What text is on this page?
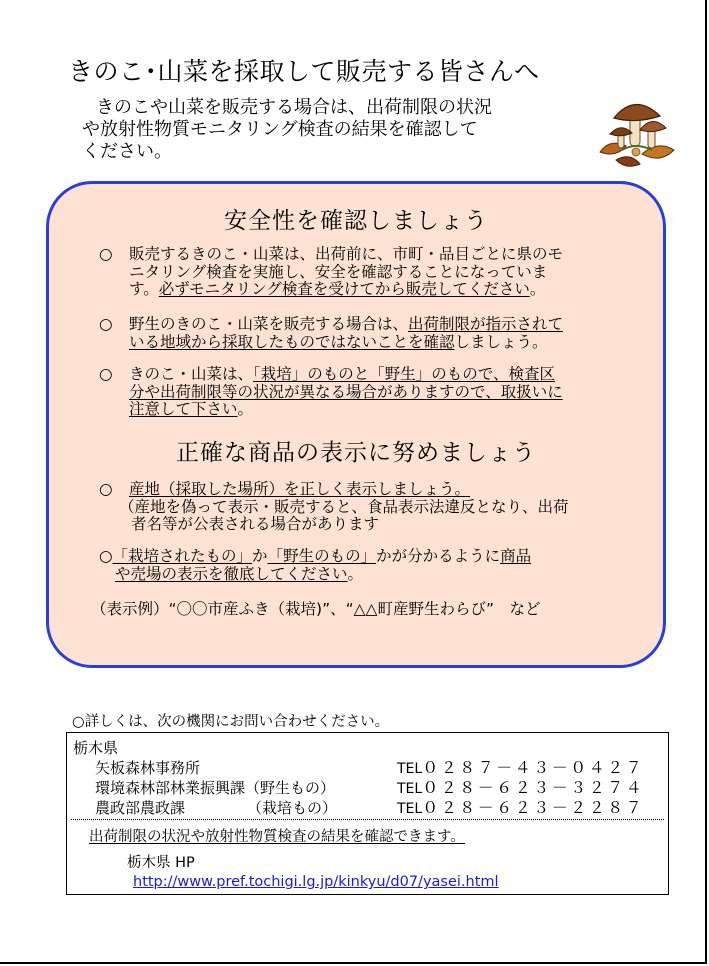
きのこ･山菜を採取して販売する皆さんへ
きのこや山菜を販売する場合は、出荷制限の状況
や放射性物質モニタリング検査の結果を確認して
ください。
安全性を確認しましょう
○ 販売するきのこ・山菜は、出荷前に、市町・品目ごとに県のモ
ニタリング検査を実施し、安全を確認することになっていま
す。必ずモニタリング検査を受けてから販売してください。
○ 野生のきのこ・山菜を販売する場合は、出荷制限が指示されて
いる地域から採取したものではないことを確認しましょう。
○ きのこ・山菜は、「栽培」のものと「野生」のもので、検査区
分や出荷制限等の状況が異なる場合がありますので、取扱いに
注意して下さい。
正確な商品の表示に努めましょう
○ 産地（採取した場所）を正しく表示しましょう。
（産地を偽って表示・販売すると、食品表示法違反となり、出荷
者名等が公表される場合があります
○「栽培されたもの」か「野生のもの」かが分かるように商品
や売場の表示を徹底してください。
（表示例）“〇〇市産ふき（栽培)”、“△△町産野生わらび”　など
○詳しくは、次の機関にお問い合わせください。
栃木県
矢板森林事務所	TEL０２８７－４３－０４２７
環境森林部林業振興課（野生もの）	TEL０２８－６２３－３２７４
農政部農政課	（栽培もの）	TEL０２８－６２３－２２８７
出荷制限の状況や放射性物質検査の結果を確認できます。
栃木県 HP
http://www.pref.tochigi.lg.jp/kinkyu/d07/yasei.html
